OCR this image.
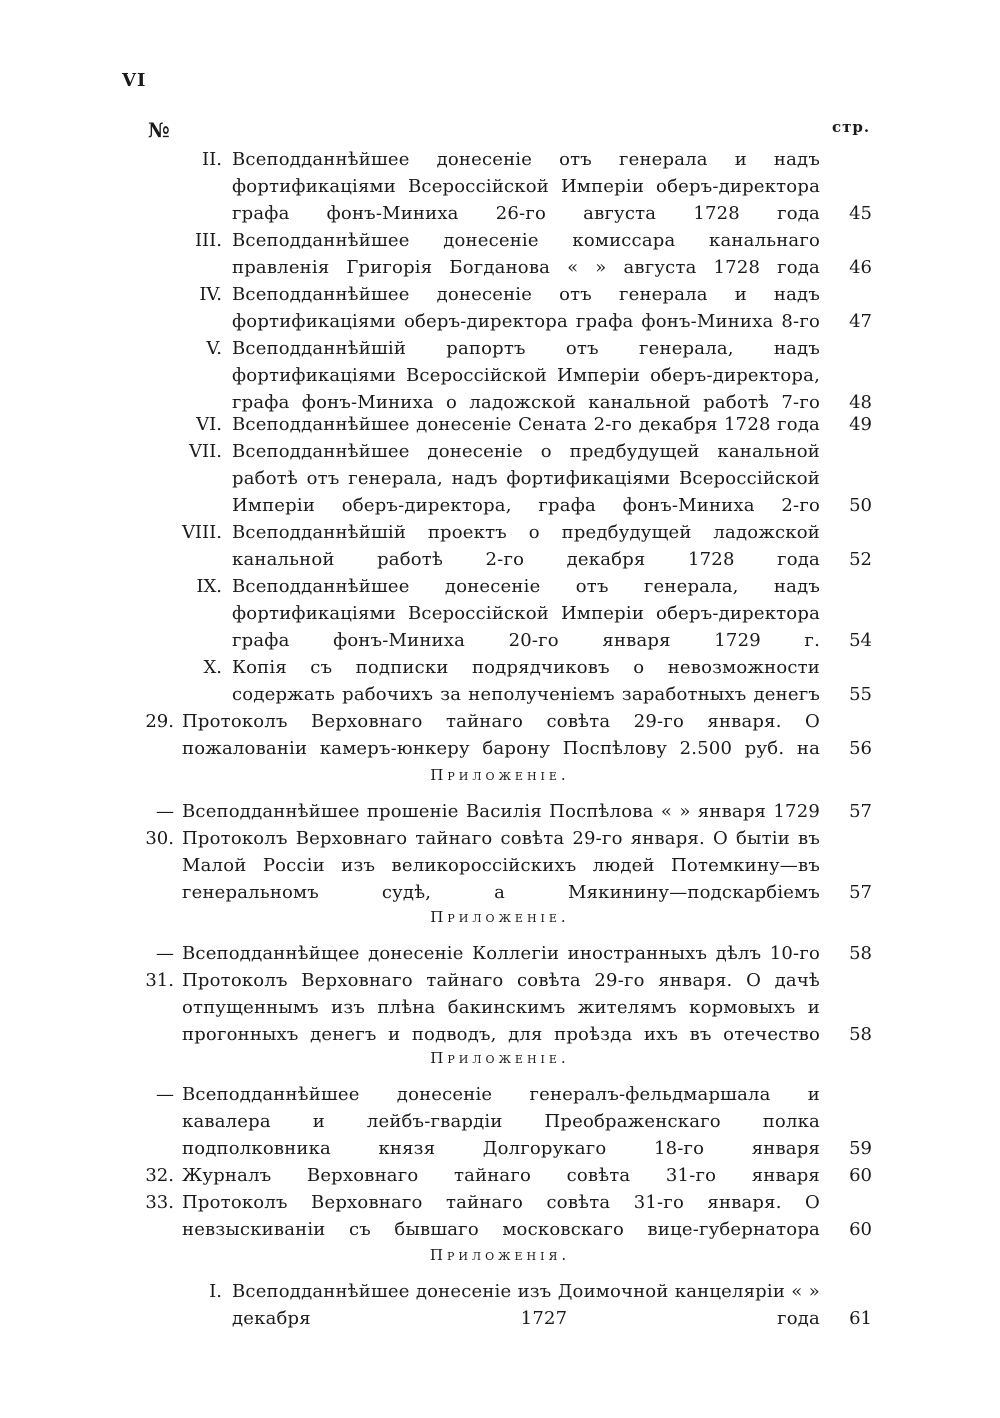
VI
№	стр.
II. Всеподданнѣйшее донесеніе отъ генерала и надъ фортификаціями Всероссійской Имперіи оберъ-директора графа фонъ-Миниха 26-го августа 1728 года	45
III. Всеподданнѣйшее донесеніе комиссара канальнаго правленія Григорія Богданова « » августа 1728 года	46
IV. Всеподданнѣйшее донесеніе отъ генерала и надъ фортификаціями оберъ-директора графа фонъ-Миниха 8-го	47
V. Всеподданнѣйшій рапортъ отъ генерала, надъ фортификаціями Всероссійской Имперіи оберъ-директора, графа фонъ-Миниха о ладожской канальной работѣ 7-го	48
VI. Всеподданнѣйшее донесеніе Сената 2-го декабря 1728 года	49
VII. Всеподданнѣйшее донесеніе о предбудущей канальной работѣ отъ генерала, надъ фортификаціями Всероссійской Имперіи оберъ-директора, графа фонъ-Миниха 2-го	50
VIII. Всеподданнѣйшій проектъ о предбудущей ладожской канальной работѣ 2-го декабря 1728 года	52
IX. Всеподданнѣйшее донесеніе отъ генерала, надъ фортификаціями Всероссійской Имперіи оберъ-директора графа фонъ-Миниха 20-го января 1729 г.	54
X. Копія съ подписки подрядчиковъ о невозможности содержать рабочихъ за неполученіемъ заработныхъ денегъ	55
29. Протоколъ Верховнаго тайнаго совѣта 29-го января. О пожалованіи камеръ-юнкеру барону Поспѣлову 2.500 руб. на	56
Приложеніе.
— Всеподданнѣйшее прошеніе Василія Поспѣлова « » января 1729	57
30. Протоколъ Верховнаго тайнаго совѣта 29-го января. О бытіи въ Малой Россіи изъ великороссійскихъ людей Потемкину—въ генеральномъ судѣ, а Мякинину—подскарбіемъ	57
Приложеніе.
— Всеподданнѣйщее донесеніе Коллегіи иностранныхъ дѣлъ 10-го	58
31. Протоколъ Верховнаго тайнаго совѣта 29-го января. О дачѣ отпущеннымъ изъ плѣна бакинскимъ жителямъ кормовыхъ и прогонныхъ денегъ и подводъ, для проѣзда ихъ въ отечество	58
Приложеніе.
— Всеподданнѣйшее донесеніе генералъ-фельдмаршала и кавалера и лейбъ-гвардіи Преображенскаго полка подполковника князя Долгорукаго 18-го января	59
32. Журналъ Верховнаго тайнаго совѣта 31-го января	60
33. Протоколъ Верховнаго тайнаго совѣта 31-го января. О невзыскиваніи съ бывшаго московскаго вице-губернатора	60
Приложенія.
I. Всеподданнѣйшее донесеніе изъ Доимочной канцеляріи « » декабря 1727 года	61
